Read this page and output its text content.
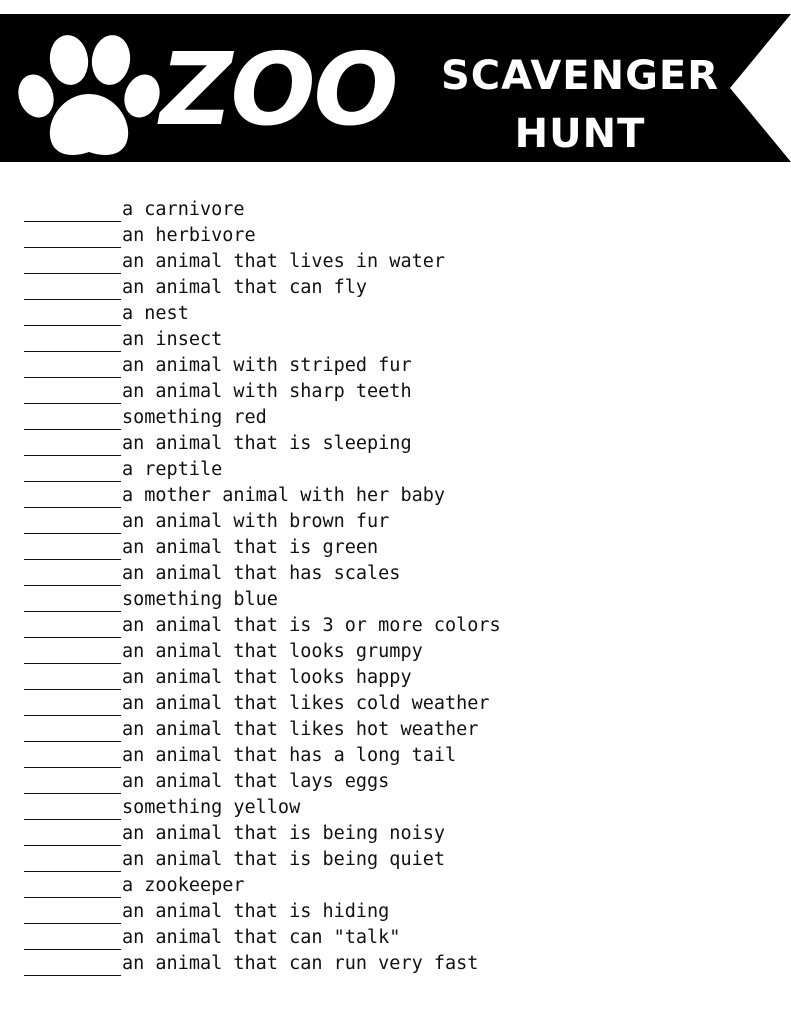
ZOO	SCAVENGER
HUNT
a carnivore
an herbivore
an animal that lives in water
an animal that can fly
a nest
an insect
an animal with striped fur
an animal with sharp teeth
something red
an animal that is sleeping
a reptile
a mother animal with her baby
an animal with brown fur
an animal that is green
an animal that has scales
something blue
an animal that is 3 or more colors
an animal that looks grumpy
an animal that looks happy
an animal that likes cold weather
an animal that likes hot weather
an animal that has a long tail
an animal that lays eggs
something yellow
an animal that is being noisy
an animal that is being quiet
a zookeeper
an animal that is hiding
an animal that can "talk"
an animal that can run very fast
